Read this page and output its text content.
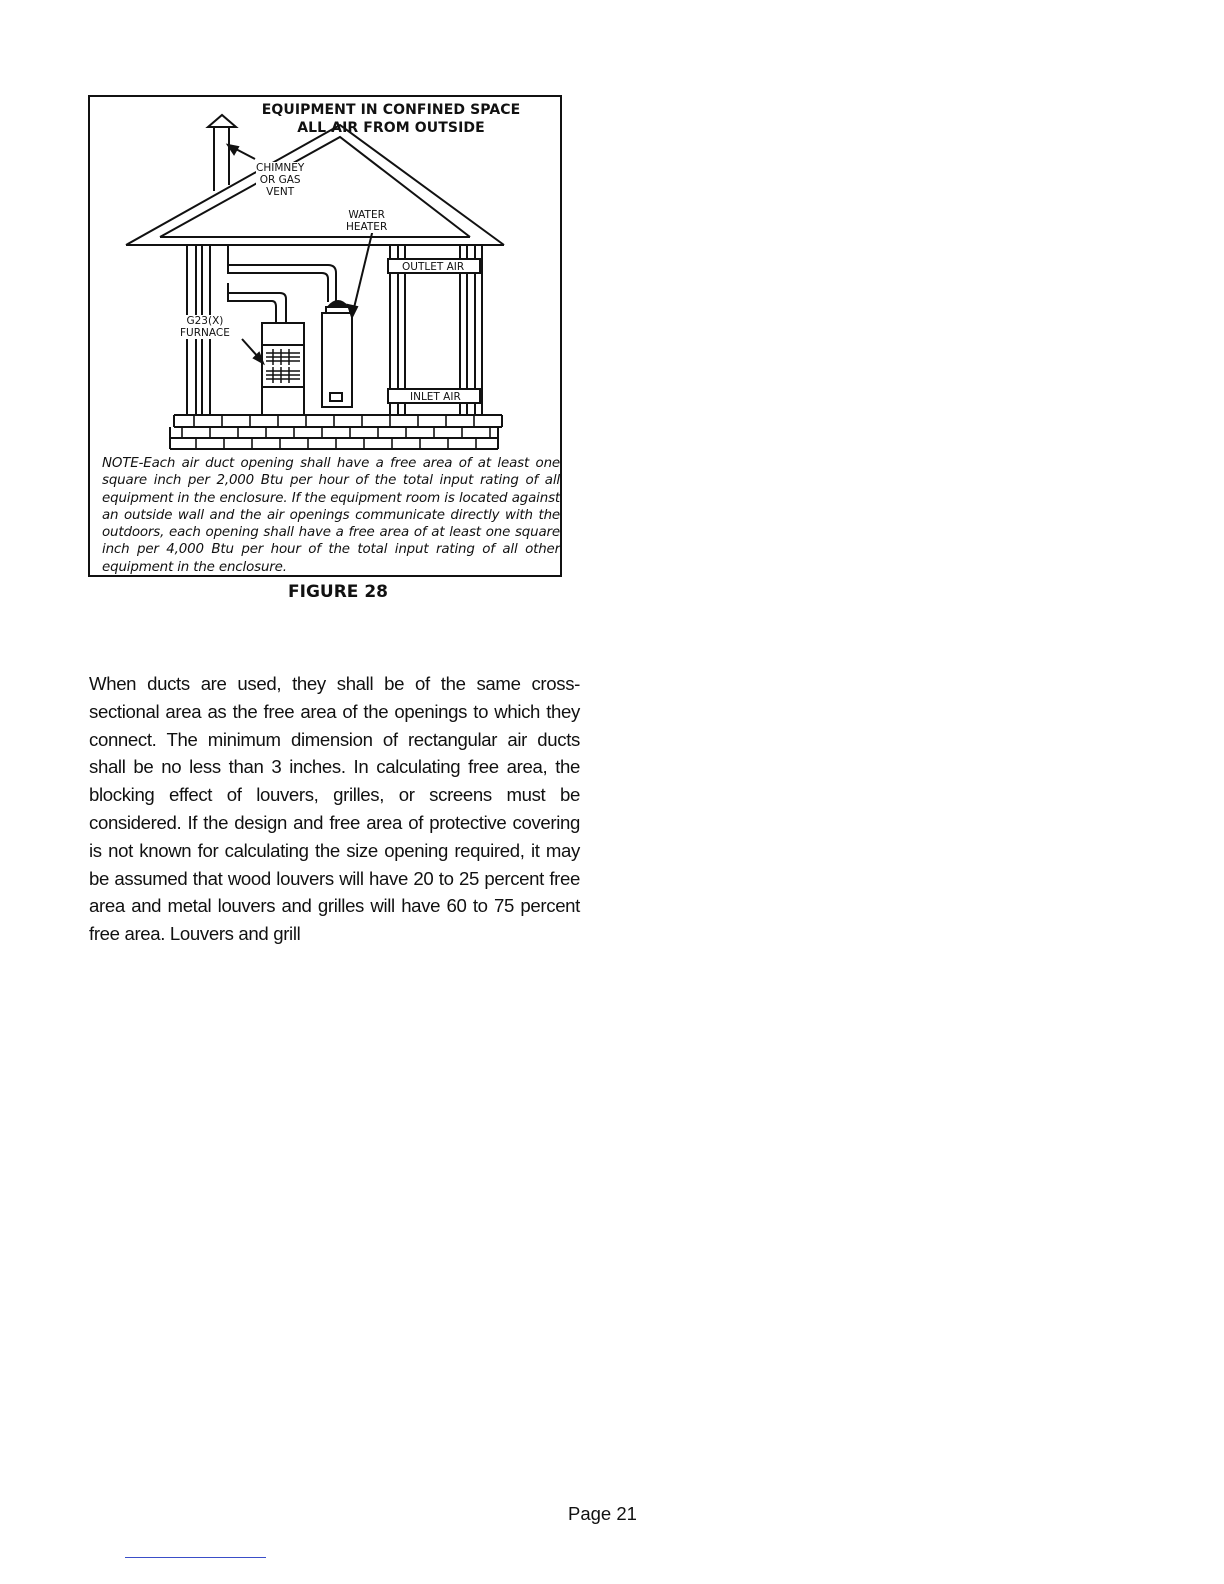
EQUIPMENT IN CONFINED SPACE
ALL AIR FROM OUTSIDE
CHIMNEY
OR GAS
VENT
WATER
HEATER
G23(X)
FURNACE
OUTLET AIR
INLET AIR
NOTE-Each air duct opening shall have a free area of at least one square inch per 2,000 Btu per hour of the total input rating of all equipment in the enclosure. If the equipment room is located against an outside wall and the air openings communicate directly with the outdoors, each opening shall have a free area of at least one square inch per 4,000 Btu per hour of the total input rating of all other equipment in the enclosure.
FIGURE 28
When ducts are used, they shall be of the same cross-sectional area as the free area of the openings to which they connect. The minimum dimension of rectangular air ducts shall be no less than 3 inches. In calculating free area, the blocking effect of louvers, grilles, or screens must be considered. If the design and free area of protective covering is not known for calculating the size opening required, it may be assumed that wood louvers will have 20 to 25 percent free area and metal louvers and grilles will have 60 to 75 percent free area. Louvers and grill
Page 21
